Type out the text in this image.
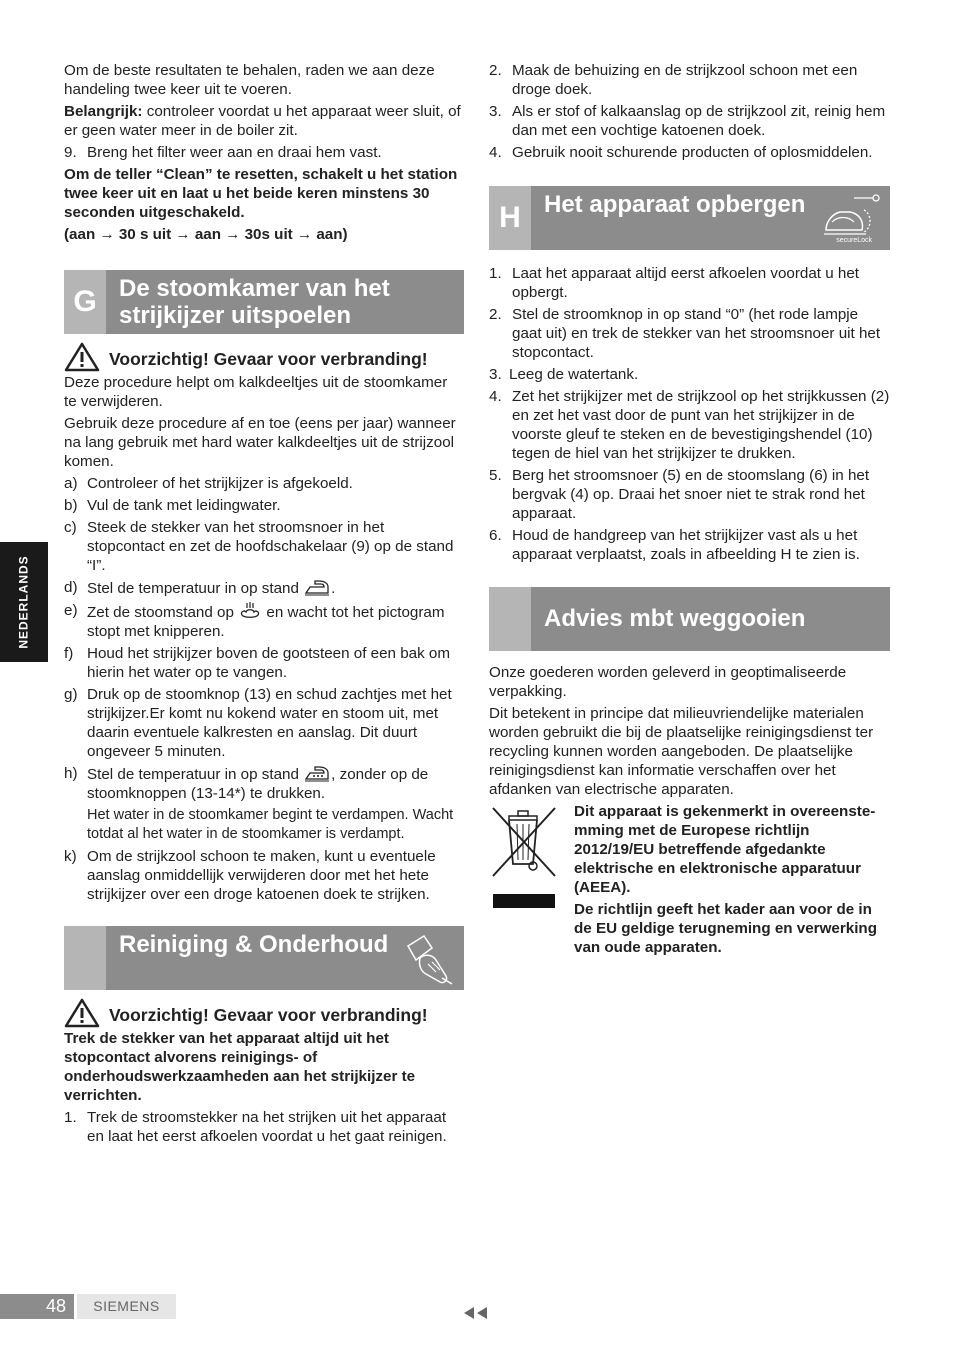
NEDERLANDS

Om de beste resultaten te behalen, raden we aan deze handeling twee keer uit te voeren.

Belangrijk: controleer voordat u het apparaat weer sluit, of er geen water meer in de boiler zit.

9. Breng het filter weer aan en draai hem vast.

Om de teller “Clean” te resetten, schakelt u het station twee keer uit en laat u het beide keren minstens 30 seconden uitgeschakeld.

(aan → 30 s uit → aan → 30s uit → aan)

G De stoomkamer van het strijkijzer uitspoelen
Voorzichtig! Gevaar voor verbranding!

Deze procedure helpt om kalkdeeltjes uit de stoomkamer te verwijderen.

Gebruik deze procedure af en toe (eens per jaar) wanneer na lang gebruik met hard water kalkdeeltjes uit de strijzool komen.

a) Controleer of het strijkijzer is afgekoeld.
b) Vul de tank met leidingwater.
c) Steek de stekker van het stroomsnoer in het stopcontact en zet de hoofdschakelaar (9) op de stand “I”.
d) Stel de temperatuur in op stand .
e) Zet de stoomstand op en wacht tot het pictogram stopt met knipperen.
f) Houd het strijkijzer boven de gootsteen of een bak om hierin het water op te vangen.
g) Druk op de stoomknop (13) en schud zachtjes met het strijkijzer.Er komt nu kokend water en stoom uit, met daarin eventuele kalkresten en aanslag. Dit duurt ongeveer 5 minuten.
h) Stel de temperatuur in op stand , zonder op de stoomknoppen (13-14*) te drukken.

Het water in de stoomkamer begint te verdampen. Wacht totdat al het water in de stoomkamer is verdampt.

k) Om de strijkzool schoon te maken, kunt u eventuele aanslag onmiddellijk verwijderen door met het hete strijkijzer over een droge katoenen doek te strijken.
Reiniging & Onderhoud
Voorzichtig! Gevaar voor verbranding!

Trek de stekker van het apparaat altijd uit het stopcontact alvorens reinigings- of onderhoudswerkzaamheden aan het strijkijzer te verrichten.

1. Trek de stroomstekker na het strijken uit het apparaat en laat het eerst afkoelen voordat u het gaat reinigen.
2. Maak de behuizing en de strijkzool schoon met een droge doek.
3. Als er stof of kalkaanslag op de strijkzool zit, reinig hem dan met een vochtige katoenen doek.
4. Gebruik nooit schurende producten of oplosmiddelen.
H Het apparaat opbergen
secureLock
1. Laat het apparaat altijd eerst afkoelen voordat u het opbergt.
2. Stel de stroomknop in op stand “0” (het rode lampje gaat uit) en trek de stekker van het stroomsnoer uit het stopcontact.
3. Leeg de watertank.
4. Zet het strijkijzer met de strijkzool op het strijkkussen (2) en zet het vast door de punt van het strijkijzer in de voorste gleuf te steken en de bevestigingshendel (10) tegen de hiel van het strijkijzer te drukken.
5. Berg het stroomsnoer (5) en de stoomslang (6) in het bergvak (4) op. Draai het snoer niet te strak rond het apparaat.
6. Houd de handgreep van het strijkijzer vast als u het apparaat verplaatst, zoals in afbeelding H te zien is.
Advies mbt weggooien

Onze goederen worden geleverd in geoptimaliseerde verpakking.

Dit betekent in principe dat milieuvriendelijke materialen worden gebruikt die bij de plaatselijke reinigingsdienst ter recycling kunnen worden aangeboden. De plaatselijke reinigingsdienst kan informatie verschaffen over het afdanken van electrische apparaten.

Dit apparaat is gekenmerkt in overeenste-mming met de Europese richtlijn 2012/19/EU betreffende afgedankte elektrische en elektronische apparatuur (AEEA).

De richtlijn geeft het kader aan voor de in de EU geldige terugneming en verwerking van oude apparaten.

48	SIEMENS
